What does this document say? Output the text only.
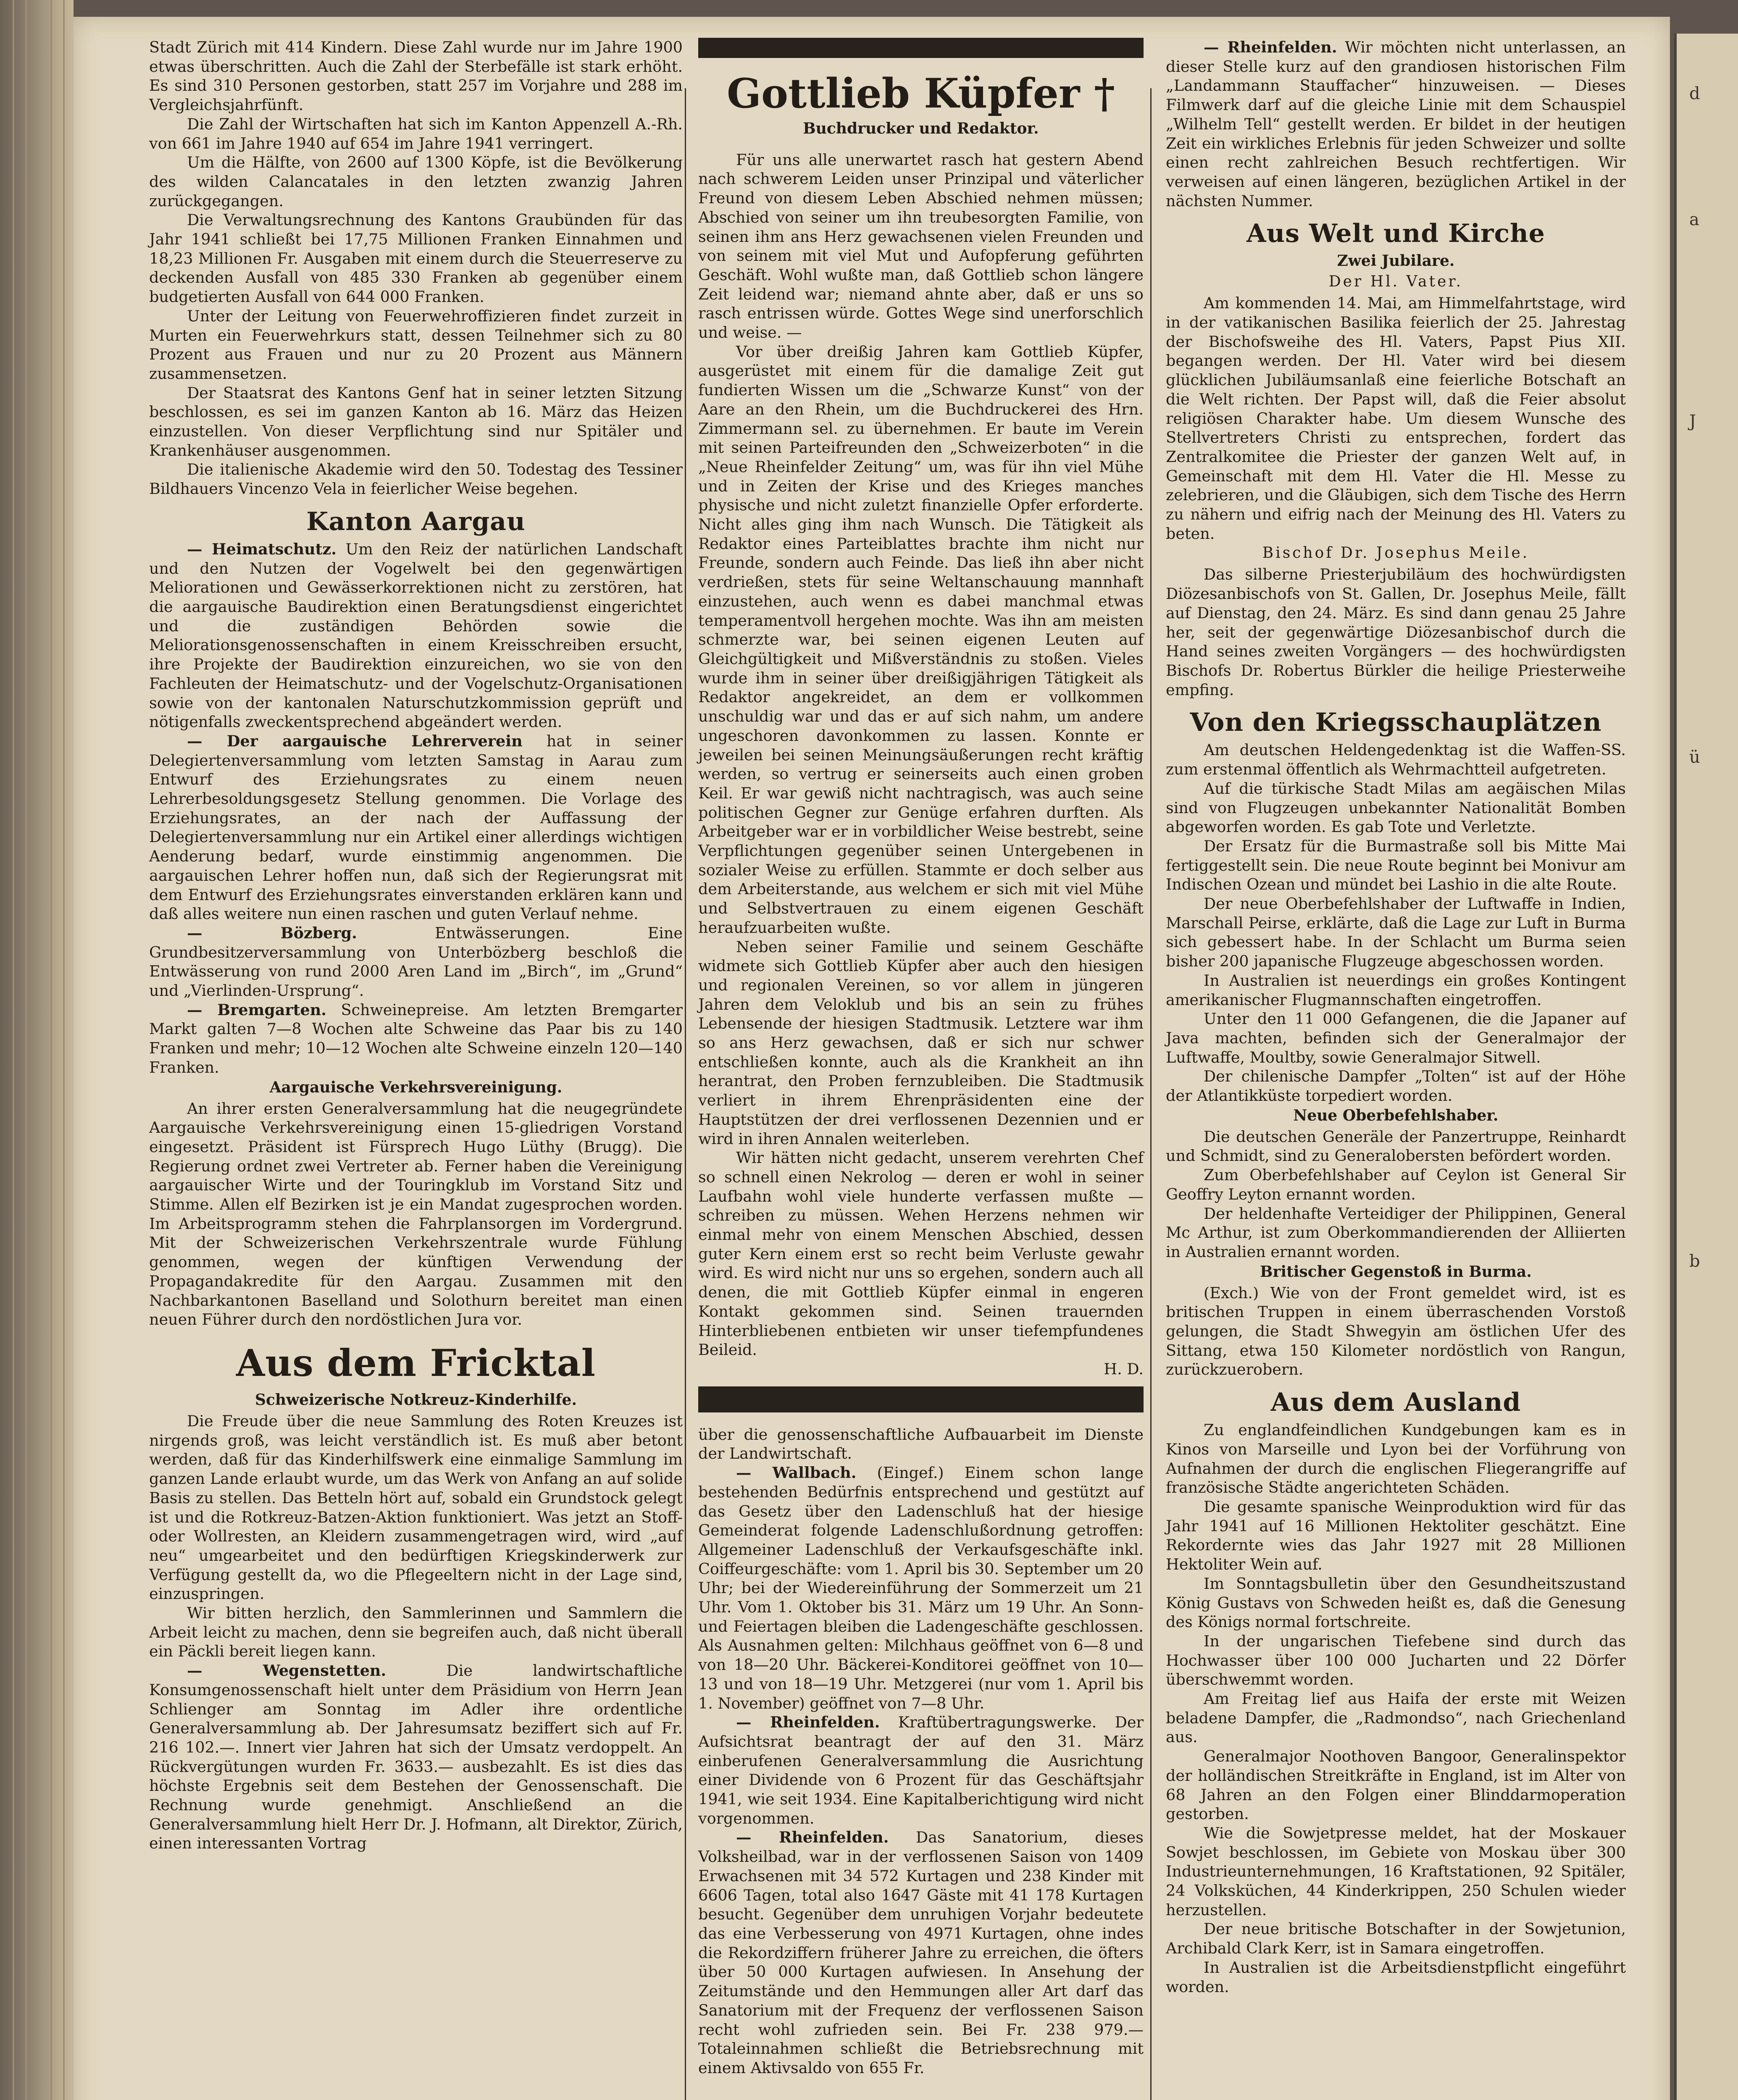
Stadt Zürich mit 414 Kindern. Diese Zahl wurde nur im Jahre 1900 etwas überschritten. Auch die Zahl der Sterbefälle ist stark erhöht. Es sind 310 Personen gestorben, statt 257 im Vorjahre und 288 im Vergleichsjahrfünft.

Die Zahl der Wirtschaften hat sich im Kanton Appenzell A.-Rh. von 661 im Jahre 1940 auf 654 im Jahre 1941 verringert.

Um die Hälfte, von 2600 auf 1300 Köpfe, ist die Bevölkerung des wilden Calancatales in den letzten zwanzig Jahren zurückgegangen.

Die Verwaltungsrechnung des Kantons Graubünden für das Jahr 1941 schließt bei 17,75 Millionen Franken Einnahmen und 18,23 Millionen Fr. Ausgaben mit einem durch die Steuerreserve zu deckenden Ausfall von 485 330 Franken ab gegenüber einem budgetierten Ausfall von 644 000 Franken.

Unter der Leitung von Feuerwehroffizieren findet zurzeit in Murten ein Feuerwehrkurs statt, dessen Teilnehmer sich zu 80 Prozent aus Frauen und nur zu 20 Prozent aus Männern zusammensetzen.

Der Staatsrat des Kantons Genf hat in seiner letzten Sitzung beschlossen, es sei im ganzen Kanton ab 16. März das Heizen einzustellen. Von dieser Verpflichtung sind nur Spitäler und Krankenhäuser ausgenommen.

Die italienische Akademie wird den 50. Todestag des Tessiner Bildhauers Vincenzo Vela in feierlicher Weise begehen.

Kanton Aargau

— Heimatschutz. Um den Reiz der natürlichen Landschaft und den Nutzen der Vogelwelt bei den gegenwärtigen Meliorationen und Gewässerkorrektionen nicht zu zerstören, hat die aargauische Baudirektion einen Beratungsdienst eingerichtet und die zuständigen Behörden sowie die Meliorationsgenossenschaften in einem Kreisschreiben ersucht, ihre Projekte der Baudirektion einzureichen, wo sie von den Fachleuten der Heimatschutz- und der Vogelschutz-Organisationen sowie von der kantonalen Naturschutzkommission geprüft und nötigenfalls zweckentsprechend abgeändert werden.

— Der aargauische Lehrerverein hat in seiner Delegiertenversammlung vom letzten Samstag in Aarau zum Entwurf des Erziehungsrates zu einem neuen Lehrerbesoldungsgesetz Stellung genommen. Die Vorlage des Erziehungsrates, an der nach der Auffassung der Delegiertenversammlung nur ein Artikel einer allerdings wichtigen Aenderung bedarf, wurde einstimmig angenommen. Die aargauischen Lehrer hoffen nun, daß sich der Regierungsrat mit dem Entwurf des Erziehungsrates einverstanden erklären kann und daß alles weitere nun einen raschen und guten Verlauf nehme.

— Bözberg. Entwässerungen. Eine Grundbesitzerversammlung von Unterbözberg beschloß die Entwässerung von rund 2000 Aren Land im „Birch“, im „Grund“ und „Vierlinden-Ursprung“.

— Bremgarten. Schweinepreise. Am letzten Bremgarter Markt galten 7—8 Wochen alte Schweine das Paar bis zu 140 Franken und mehr; 10—12 Wochen alte Schweine einzeln 120—140 Franken.

Aargauische Verkehrsvereinigung.

An ihrer ersten Generalversammlung hat die neugegründete Aargauische Verkehrsvereinigung einen 15-gliedrigen Vorstand eingesetzt. Präsident ist Fürsprech Hugo Lüthy (Brugg). Die Regierung ordnet zwei Vertreter ab. Ferner haben die Vereinigung aargauischer Wirte und der Touringklub im Vorstand Sitz und Stimme. Allen elf Bezirken ist je ein Mandat zugesprochen worden. Im Arbeitsprogramm stehen die Fahrplansorgen im Vordergrund. Mit der Schweizerischen Verkehrszentrale wurde Fühlung genommen, wegen der künftigen Verwendung der Propagandakredite für den Aargau. Zusammen mit den Nachbarkantonen Baselland und Solothurn bereitet man einen neuen Führer durch den nordöstlichen Jura vor.

Aus dem Fricktal
Schweizerische Notkreuz-Kinderhilfe.

Die Freude über die neue Sammlung des Roten Kreuzes ist nirgends groß, was leicht verständlich ist. Es muß aber betont werden, daß für das Kinderhilfswerk eine einmalige Sammlung im ganzen Lande erlaubt wurde, um das Werk von Anfang an auf solide Basis zu stellen. Das Betteln hört auf, sobald ein Grundstock gelegt ist und die Rotkreuz-Batzen-Aktion funktioniert. Was jetzt an Stoff- oder Wollresten, an Kleidern zusammengetragen wird, wird „auf neu“ umgearbeitet und den bedürftigen Kriegskinderwerk zur Verfügung gestellt da, wo die Pflegeeltern nicht in der Lage sind, einzuspringen.

Wir bitten herzlich, den Sammlerinnen und Sammlern die Arbeit leicht zu machen, denn sie begreifen auch, daß nicht überall ein Päckli bereit liegen kann.

— Wegenstetten. Die landwirtschaftliche Konsumgenossenschaft hielt unter dem Präsidium von Herrn Jean Schlienger am Sonntag im Adler ihre ordentliche Generalversammlung ab. Der Jahresumsatz beziffert sich auf Fr. 216 102.—. Innert vier Jahren hat sich der Umsatz verdoppelt. An Rückvergütungen wurden Fr. 3633.— ausbezahlt. Es ist dies das höchste Ergebnis seit dem Bestehen der Genossenschaft. Die Rechnung wurde genehmigt. Anschließend an die Generalversammlung hielt Herr Dr. J. Hofmann, alt Direktor, Zürich, einen interessanten Vortrag

Gottlieb Küpfer †
Buchdrucker und Redaktor.

Für uns alle unerwartet rasch hat gestern Abend nach schwerem Leiden unser Prinzipal und väterlicher Freund von diesem Leben Abschied nehmen müssen; Abschied von seiner um ihn treubesorgten Familie, von seinen ihm ans Herz gewachsenen vielen Freunden und von seinem mit viel Mut und Aufopferung geführten Geschäft. Wohl wußte man, daß Gottlieb schon längere Zeit leidend war; niemand ahnte aber, daß er uns so rasch entrissen würde. Gottes Wege sind unerforschlich und weise. —

Vor über dreißig Jahren kam Gottlieb Küpfer, ausgerüstet mit einem für die damalige Zeit gut fundierten Wissen um die „Schwarze Kunst“ von der Aare an den Rhein, um die Buchdruckerei des Hrn. Zimmermann sel. zu übernehmen. Er baute im Verein mit seinen Parteifreunden den „Schweizerboten“ in die „Neue Rheinfelder Zeitung“ um, was für ihn viel Mühe und in Zeiten der Krise und des Krieges manches physische und nicht zuletzt finanzielle Opfer erforderte. Nicht alles ging ihm nach Wunsch. Die Tätigkeit als Redaktor eines Parteiblattes brachte ihm nicht nur Freunde, sondern auch Feinde. Das ließ ihn aber nicht verdrießen, stets für seine Weltanschauung mannhaft einzustehen, auch wenn es dabei manchmal etwas temperamentvoll hergehen mochte. Was ihn am meisten schmerzte war, bei seinen eigenen Leuten auf Gleichgültigkeit und Mißverständnis zu stoßen. Vieles wurde ihm in seiner über dreißigjährigen Tätigkeit als Redaktor angekreidet, an dem er vollkommen unschuldig war und das er auf sich nahm, um andere ungeschoren davonkommen zu lassen. Konnte er jeweilen bei seinen Meinungsäußerungen recht kräftig werden, so vertrug er seinerseits auch einen groben Keil. Er war gewiß nicht nachtragisch, was auch seine politischen Gegner zur Genüge erfahren durften. Als Arbeitgeber war er in vorbildlicher Weise bestrebt, seine Verpflichtungen gegenüber seinen Untergebenen in sozialer Weise zu erfüllen. Stammte er doch selber aus dem Arbeiterstande, aus welchem er sich mit viel Mühe und Selbstvertrauen zu einem eigenen Geschäft heraufzuarbeiten wußte.

Neben seiner Familie und seinem Geschäfte widmete sich Gottlieb Küpfer aber auch den hiesigen und regionalen Vereinen, so vor allem in jüngeren Jahren dem Veloklub und bis an sein zu frühes Lebensende der hiesigen Stadtmusik. Letztere war ihm so ans Herz gewachsen, daß er sich nur schwer entschließen konnte, auch als die Krankheit an ihn herantrat, den Proben fernzubleiben. Die Stadtmusik verliert in ihrem Ehrenpräsidenten eine der Hauptstützen der drei verflossenen Dezennien und er wird in ihren Annalen weiterleben.

Wir hätten nicht gedacht, unserem verehrten Chef so schnell einen Nekrolog — deren er wohl in seiner Laufbahn wohl viele hunderte verfassen mußte — schreiben zu müssen. Wehen Herzens nehmen wir einmal mehr von einem Menschen Abschied, dessen guter Kern einem erst so recht beim Verluste gewahr wird. Es wird nicht nur uns so ergehen, sondern auch all denen, die mit Gottlieb Küpfer einmal in engeren Kontakt gekommen sind. Seinen trauernden Hinterbliebenen entbieten wir unser tiefempfundenes Beileid.

H. D.

über die genossenschaftliche Aufbauarbeit im Dienste der Landwirtschaft.

— Wallbach. (Eingef.) Einem schon lange bestehenden Bedürfnis entsprechend und gestützt auf das Gesetz über den Ladenschluß hat der hiesige Gemeinderat folgende Ladenschlußordnung getroffen: Allgemeiner Ladenschluß der Verkaufsgeschäfte inkl. Coiffeurgeschäfte: vom 1. April bis 30. September um 20 Uhr; bei der Wiedereinführung der Sommerzeit um 21 Uhr. Vom 1. Oktober bis 31. März um 19 Uhr. An Sonn- und Feiertagen bleiben die Ladengeschäfte geschlossen. Als Ausnahmen gelten: Milchhaus geöffnet von 6—8 und von 18—20 Uhr. Bäckerei-Konditorei geöffnet von 10—13 und von 18—19 Uhr. Metzgerei (nur vom 1. April bis 1. November) geöffnet von 7—8 Uhr.

— Rheinfelden. Kraftübertragungswerke. Der Aufsichtsrat beantragt der auf den 31. März einberufenen Generalversammlung die Ausrichtung einer Dividende von 6 Prozent für das Geschäftsjahr 1941, wie seit 1934. Eine Kapitalberichtigung wird nicht vorgenommen.

— Rheinfelden. Das Sanatorium, dieses Volksheilbad, war in der verflossenen Saison von 1409 Erwachsenen mit 34 572 Kurtagen und 238 Kinder mit 6606 Tagen, total also 1647 Gäste mit 41 178 Kurtagen besucht. Gegenüber dem unruhigen Vorjahr bedeutete das eine Verbesserung von 4971 Kurtagen, ohne indes die Rekordziffern früherer Jahre zu erreichen, die öfters über 50 000 Kurtagen aufwiesen. In Ansehung der Zeitumstände und den Hemmungen aller Art darf das Sanatorium mit der Frequenz der verflossenen Saison recht wohl zufrieden sein. Bei Fr. 238 979.— Totaleinnahmen schließt die Betriebsrechnung mit einem Aktivsaldo von 655 Fr.

— Rheinfelden. Wir möchten nicht unterlassen, an dieser Stelle kurz auf den grandiosen historischen Film „Landammann Stauffacher“ hinzuweisen. — Dieses Filmwerk darf auf die gleiche Linie mit dem Schauspiel „Wilhelm Tell“ gestellt werden. Er bildet in der heutigen Zeit ein wirkliches Erlebnis für jeden Schweizer und sollte einen recht zahlreichen Besuch rechtfertigen. Wir verweisen auf einen längeren, bezüglichen Artikel in der nächsten Nummer.

Aus Welt und Kirche
Zwei Jubilare.
Der Hl. Vater.

Am kommenden 14. Mai, am Himmelfahrtstage, wird in der vatikanischen Basilika feierlich der 25. Jahrestag der Bischofsweihe des Hl. Vaters, Papst Pius XII. begangen werden. Der Hl. Vater wird bei diesem glücklichen Jubiläumsanlaß eine feierliche Botschaft an die Welt richten. Der Papst will, daß die Feier absolut religiösen Charakter habe. Um diesem Wunsche des Stellvertreters Christi zu entsprechen, fordert das Zentralkomitee die Priester der ganzen Welt auf, in Gemeinschaft mit dem Hl. Vater die Hl. Messe zu zelebrieren, und die Gläubigen, sich dem Tische des Herrn zu nähern und eifrig nach der Meinung des Hl. Vaters zu beten.

Bischof Dr. Josephus Meile.

Das silberne Priesterjubiläum des hochwürdigsten Diözesanbischofs von St. Gallen, Dr. Josephus Meile, fällt auf Dienstag, den 24. März. Es sind dann genau 25 Jahre her, seit der gegenwärtige Diözesanbischof durch die Hand seines zweiten Vorgängers — des hochwürdigsten Bischofs Dr. Robertus Bürkler die heilige Priesterweihe empfing.

Von den Kriegsschauplätzen

Am deutschen Heldengedenktag ist die Waffen-SS. zum erstenmal öffentlich als Wehrmachtteil aufgetreten.

Auf die türkische Stadt Milas am aegäischen Milas sind von Flugzeugen unbekannter Nationalität Bomben abgeworfen worden. Es gab Tote und Verletzte.

Der Ersatz für die Burmastraße soll bis Mitte Mai fertiggestellt sein. Die neue Route beginnt bei Monivur am Indischen Ozean und mündet bei Lashio in die alte Route.

Der neue Oberbefehlshaber der Luftwaffe in Indien, Marschall Peirse, erklärte, daß die Lage zur Luft in Burma sich gebessert habe. In der Schlacht um Burma seien bisher 200 japanische Flugzeuge abgeschossen worden.

In Australien ist neuerdings ein großes Kontingent amerikanischer Flugmannschaften eingetroffen.

Unter den 11 000 Gefangenen, die die Japaner auf Java machten, befinden sich der Generalmajor der Luftwaffe, Moultby, sowie Generalmajor Sitwell.

Der chilenische Dampfer „Tolten“ ist auf der Höhe der Atlantikküste torpediert worden.

Neue Oberbefehlshaber.

Die deutschen Generäle der Panzertruppe, Reinhardt und Schmidt, sind zu Generalobersten befördert worden.

Zum Oberbefehlshaber auf Ceylon ist General Sir Geoffry Leyton ernannt worden.

Der heldenhafte Verteidiger der Philippinen, General Mc Arthur, ist zum Oberkommandierenden der Alliierten in Australien ernannt worden.

Britischer Gegenstoß in Burma.

(Exch.) Wie von der Front gemeldet wird, ist es britischen Truppen in einem überraschenden Vorstoß gelungen, die Stadt Shwegyin am östlichen Ufer des Sittang, etwa 150 Kilometer nordöstlich von Rangun, zurückzuerobern.

Aus dem Ausland

Zu englandfeindlichen Kundgebungen kam es in Kinos von Marseille und Lyon bei der Vorführung von Aufnahmen der durch die englischen Fliegerangriffe auf französische Städte angerichteten Schäden.

Die gesamte spanische Weinproduktion wird für das Jahr 1941 auf 16 Millionen Hektoliter geschätzt. Eine Rekordernte wies das Jahr 1927 mit 28 Millionen Hektoliter Wein auf.

Im Sonntagsbulletin über den Gesundheitszustand König Gustavs von Schweden heißt es, daß die Genesung des Königs normal fortschreite.

In der ungarischen Tiefebene sind durch das Hochwasser über 100 000 Jucharten und 22 Dörfer überschwemmt worden.

Am Freitag lief aus Haifa der erste mit Weizen beladene Dampfer, die „Radmondso“, nach Griechenland aus.

Generalmajor Noothoven Bangoor, Generalinspektor der holländischen Streitkräfte in England, ist im Alter von 68 Jahren an den Folgen einer Blinddarmoperation gestorben.

Wie die Sowjetpresse meldet, hat der Moskauer Sowjet beschlossen, im Gebiete von Moskau über 300 Industrieunternehmungen, 16 Kraftstationen, 92 Spitäler, 24 Volksküchen, 44 Kinderkrippen, 250 Schulen wieder herzustellen.

Der neue britische Botschafter in der Sowjetunion, Archibald Clark Kerr, ist in Samara eingetroffen.

In Australien ist die Arbeitsdienstpflicht eingeführt worden.

d
a
J
ü
b
